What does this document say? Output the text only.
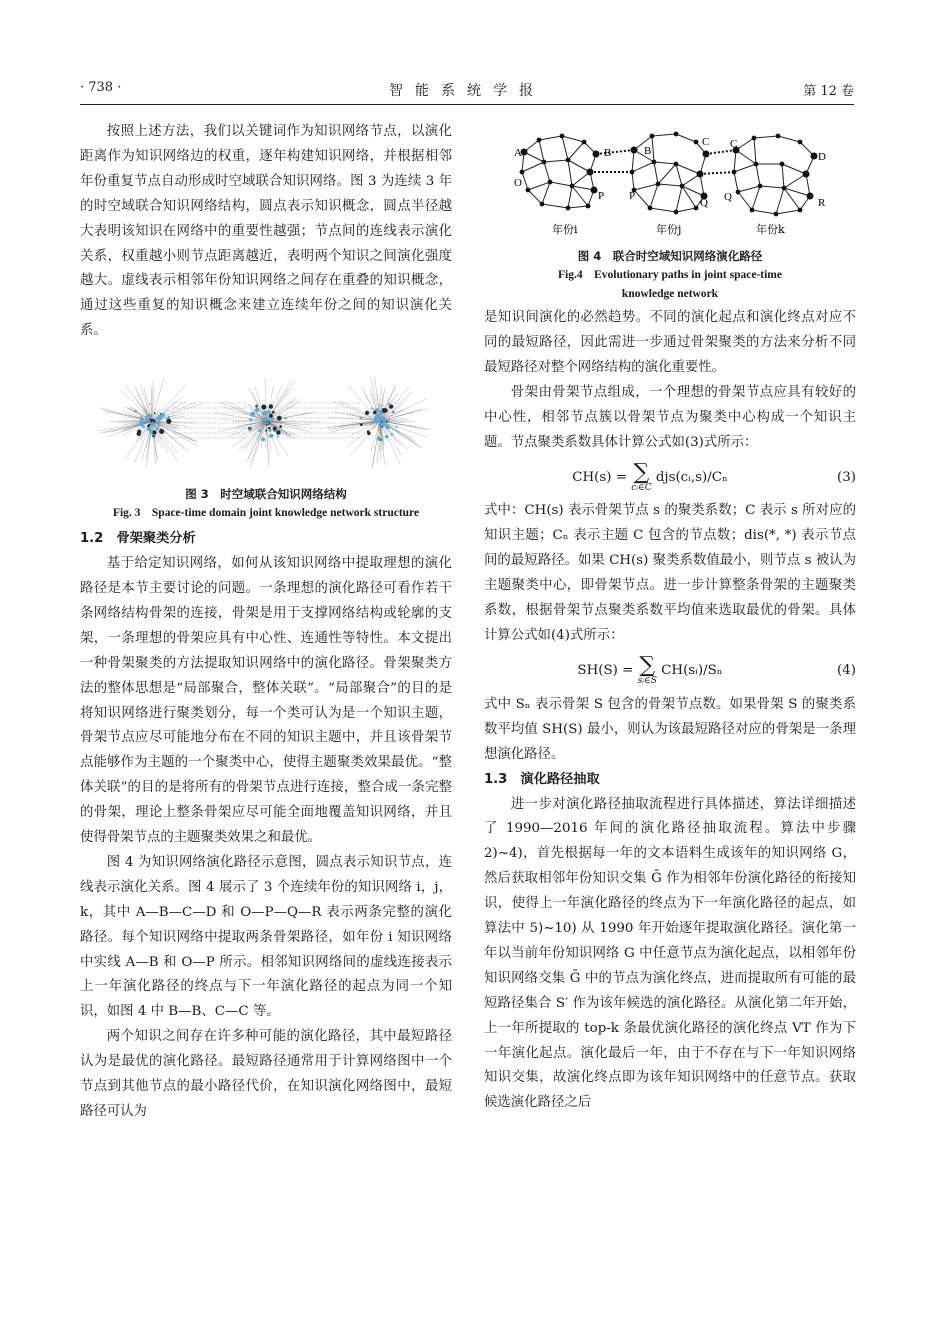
· 738 ·	智能系统学报	第 12 卷

按照上述方法，我们以关键词作为知识网络节点，以演化距离作为知识网络边的权重，逐年构建知识网络，并根据相邻年份重复节点自动形成时空域联合知识网络。图 3 为连续 3 年的时空域联合知识网络结构，圆点表示知识概念，圆点半径越大表明该知识在网络中的重要性越强；节点间的连线表示演化关系，权重越小则节点距离越近，表明两个知识之间演化强度越大。虚线表示相邻年份知识网络之间存在重叠的知识概念，通过这些重复的知识概念来建立连续年份之间的知识演化关系。

图 3　时空域联合知识网络结构
Fig. 3　Space-time domain joint knowledge network structure
1.2　骨架聚类分析

基于给定知识网络，如何从该知识网络中提取理想的演化路径是本节主要讨论的问题。一条理想的演化路径可看作若干条网络结构骨架的连接，骨架是用于支撑网络结构或轮廓的支架，一条理想的骨架应具有中心性、连通性等特性。本文提出一种骨架聚类的方法提取知识网络中的演化路径。骨架聚类方法的整体思想是“局部聚合，整体关联”。“局部聚合”的目的是将知识网络进行聚类划分，每一个类可认为是一个知识主题，骨架节点应尽可能地分布在不同的知识主题中，并且该骨架节点能够作为主题的一个聚类中心，使得主题聚类效果最优。“整体关联”的目的是将所有的骨架节点进行连接，整合成一条完整的骨架，理论上整条骨架应尽可能全面地覆盖知识网络，并且使得骨架节点的主题聚类效果之和最优。

图 4 为知识网络演化路径示意图，圆点表示知识节点，连线表示演化关系。图 4 展示了 3 个连续年份的知识网络 i，j，k，其中 A—B—C—D 和 O—P—Q—R 表示两条完整的演化路径。每个知识网络中提取两条骨架路径，如年份 i 知识网络中实线 A—B 和 O—P 所示。相邻知识网络间的虚线连接表示上一年演化路径的终点与下一年演化路径的起点为同一个知识，如图 4 中 B—B、C—C 等。

两个知识之间存在许多种可能的演化路径，其中最短路径认为是最优的演化路径。最短路径通常用于计算网络图中一个节点到其他节点的最小路径代价，在知识演化网络图中，最短路径可认为

A
O
B
P
B
P
C
Q
C
Q
D
R
年份i	年份j	年份k
图 4　联合时空域知识网络演化路径
Fig.4　Evolutionary paths in joint space-time
knowledge network

是知识间演化的必然趋势。不同的演化起点和演化终点对应不同的最短路径，因此需进一步通过骨架聚类的方法来分析不同最短路径对整个网络结构的演化重要性。

骨架由骨架节点组成，一个理想的骨架节点应具有较好的中心性，相邻节点簇以骨架节点为聚类中心构成一个知识主题。节点聚类系数具体计算公式如(3)式所示：

CH(s) = ∑
cᵢ∈C
djs(cᵢ,s)/Cₙ	(3)

式中：CH(s) 表示骨架节点 s 的聚类系数；C 表示 s 所对应的知识主题；Cₙ 表示主题 C 包含的节点数；dis(*, *) 表示节点间的最短路径。如果 CH(s) 聚类系数值最小，则节点 s 被认为主题聚类中心，即骨架节点。进一步计算整条骨架的主题聚类系数，根据骨架节点聚类系数平均值来选取最优的骨架。具体计算公式如(4)式所示：

SH(S) = ∑
sᵢ∈S
CH(sᵢ)/Sₙ	(4)

式中 Sₙ 表示骨架 S 包含的骨架节点数。如果骨架 S 的聚类系数平均值 SH(S) 最小，则认为该最短路径对应的骨架是一条理想演化路径。

1.3　演化路径抽取

进一步对演化路径抽取流程进行具体描述，算法详细描述了 1990—2016 年间的演化路径抽取流程。算法中步骤 2)~4)，首先根据每一年的文本语料生成该年的知识网络 G，然后获取相邻年份知识交集 Ḡ 作为相邻年份演化路径的衔接知识，使得上一年演化路径的终点为下一年演化路径的起点，如算法中 5)~10) 从 1990 年开始逐年提取演化路径。演化第一年以当前年份知识网络 G 中任意节点为演化起点，以相邻年份知识网络交集 Ḡ 中的节点为演化终点，进而提取所有可能的最短路径集合 S′ 作为该年候选的演化路径。从演化第二年开始，上一年所提取的 top-k 条最优演化路径的演化终点 VT 作为下一年演化起点。演化最后一年，由于不存在与下一年知识网络知识交集，故演化终点即为该年知识网络中的任意节点。获取候选演化路径之后
